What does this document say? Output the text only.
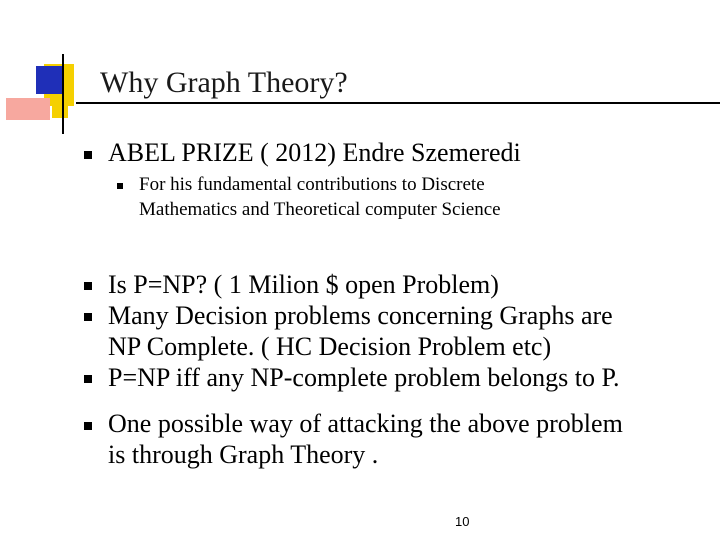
Why Graph Theory?
ABEL PRIZE ( 2012) Endre Szemeredi
For his fundamental contributions to Discrete
Mathematics and Theoretical computer Science
Is P=NP? ( 1 Milion $ open Problem)
Many Decision problems concerning Graphs are
NP Complete. ( HC Decision Problem etc)
P=NP iff any NP-complete problem belongs to P.
One possible way of attacking the above problem
is through Graph Theory .
10
